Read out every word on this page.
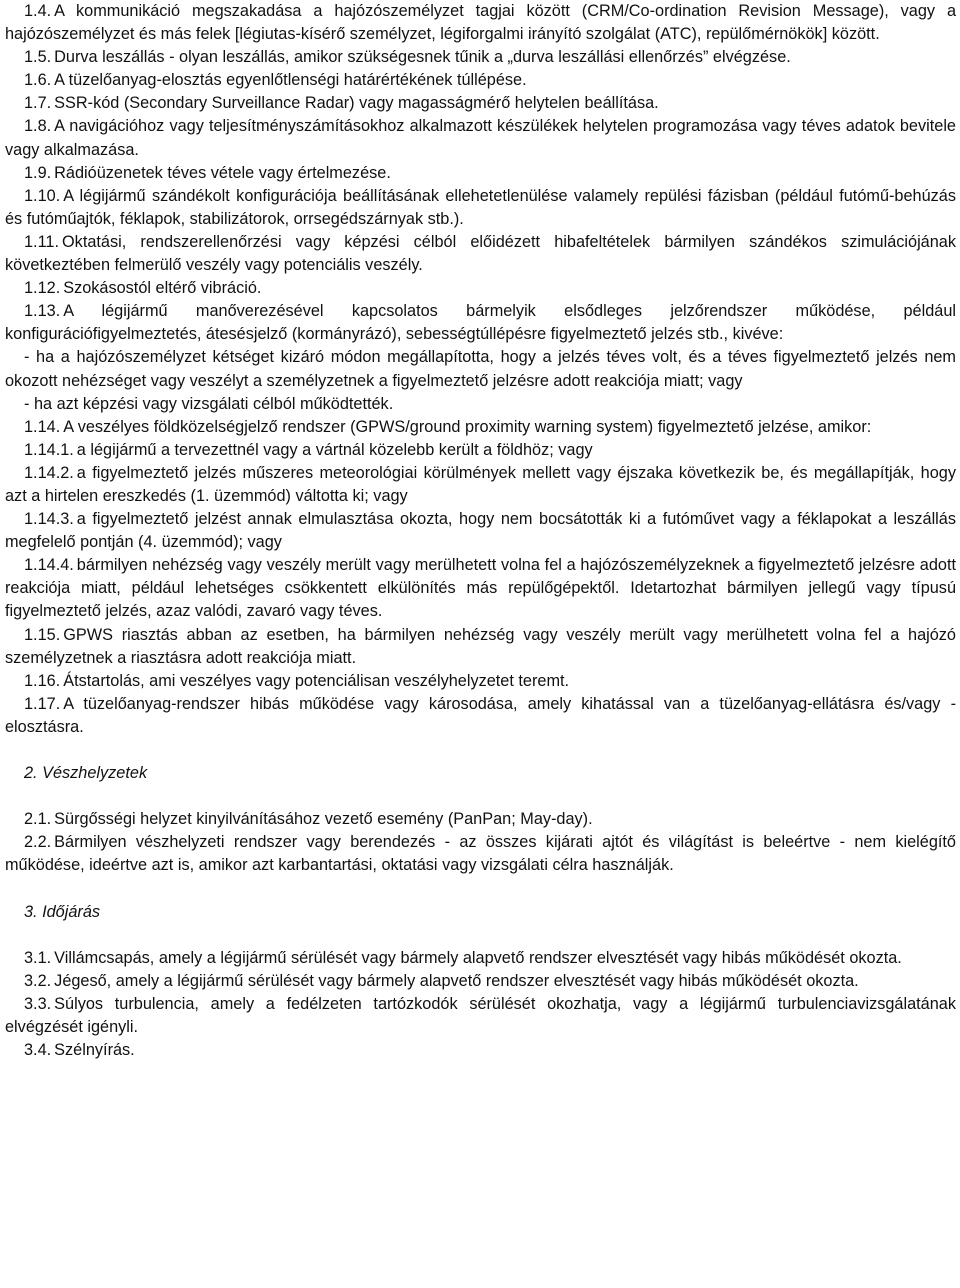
1.4. A kommunikáció megszakadása a hajózószemélyzet tagjai között (CRM/Co-ordination Revision Message), vagy a hajózószemélyzet és más felek [légiutas-kísérő személyzet, légiforgalmi irányító szolgálat (ATC), repülőmérnökök] között.

1.5. Durva leszállás - olyan leszállás, amikor szükségesnek tűnik a „durva leszállási ellenőrzés” elvégzése.

1.6. A tüzelőanyag-elosztás egyenlőtlenségi határértékének túllépése.

1.7. SSR-kód (Secondary Surveillance Radar) vagy magasságmérő helytelen beállítása.

1.8. A navigációhoz vagy teljesítményszámításokhoz alkalmazott készülékek helytelen programozása vagy téves adatok bevitele vagy alkalmazása.

1.9. Rádióüzenetek téves vétele vagy értelmezése.

1.10. A légijármű szándékolt konfigurációja beállításának ellehetetlenülése valamely repülési fázisban (például futómű-behúzás és futóműajtók, féklapok, stabilizátorok, orrsegédszárnyak stb.).

1.11. Oktatási, rendszerellenőrzési vagy képzési célból előidézett hibafeltételek bármilyen szándékos szimulációjának következtében felmerülő veszély vagy potenciális veszély.

1.12. Szokásostól eltérő vibráció.

1.13. A légijármű manőverezésével kapcsolatos bármelyik elsődleges jelzőrendszer működése, például konfigurációfigyelmeztetés, átesésjelző (kormányrázó), sebességtúllépésre figyelmeztető jelzés stb., kivéve:

- ha a hajózószemélyzet kétséget kizáró módon megállapította, hogy a jelzés téves volt, és a téves figyelmeztető jelzés nem okozott nehézséget vagy veszélyt a személyzetnek a figyelmeztető jelzésre adott reakciója miatt; vagy

- ha azt képzési vagy vizsgálati célból működtették.

1.14. A veszélyes földközelségjelző rendszer (GPWS/ground proximity warning system) figyelmeztető jelzése, amikor:

1.14.1. a légijármű a tervezettnél vagy a vártnál közelebb került a földhöz; vagy

1.14.2. a figyelmeztető jelzés műszeres meteorológiai körülmények mellett vagy éjszaka következik be, és megállapítják, hogy azt a hirtelen ereszkedés (1. üzemmód) váltotta ki; vagy

1.14.3. a figyelmeztető jelzést annak elmulasztása okozta, hogy nem bocsátották ki a futóművet vagy a féklapokat a leszállás megfelelő pontján (4. üzemmód); vagy

1.14.4. bármilyen nehézség vagy veszély merült vagy merülhetett volna fel a hajózószemélyzeknek a figyelmeztető jelzésre adott reakciója miatt, például lehetséges csökkentett elkülönítés más repülőgépektől. Idetartozhat bármilyen jellegű vagy típusú figyelmeztető jelzés, azaz valódi, zavaró vagy téves.

1.15. GPWS riasztás abban az esetben, ha bármilyen nehézség vagy veszély merült vagy merülhetett volna fel a hajózó személyzetnek a riasztásra adott reakciója miatt.

1.16. Átstartolás, ami veszélyes vagy potenciálisan veszélyhelyzetet teremt.

1.17. A tüzelőanyag-rendszer hibás működése vagy károsodása, amely kihatással van a tüzelőanyag-ellátásra és/vagy -elosztásra.

2. Vészhelyzetek

2.1. Sürgősségi helyzet kinyilvánításához vezető esemény (PanPan; May-day).

2.2. Bármilyen vészhelyzeti rendszer vagy berendezés - az összes kijárati ajtót és világítást is beleértve - nem kielégítő működése, ideértve azt is, amikor azt karbantartási, oktatási vagy vizsgálati célra használják.

3. Időjárás

3.1. Villámcsapás, amely a légijármű sérülését vagy bármely alapvető rendszer elvesztését vagy hibás működését okozta.

3.2. Jégeső, amely a légijármű sérülését vagy bármely alapvető rendszer elvesztését vagy hibás működését okozta.

3.3. Súlyos turbulencia, amely a fedélzeten tartózkodók sérülését okozhatja, vagy a légijármű turbulenciavizsgálatának elvégzését igényli.

3.4. Szélnyírás.
